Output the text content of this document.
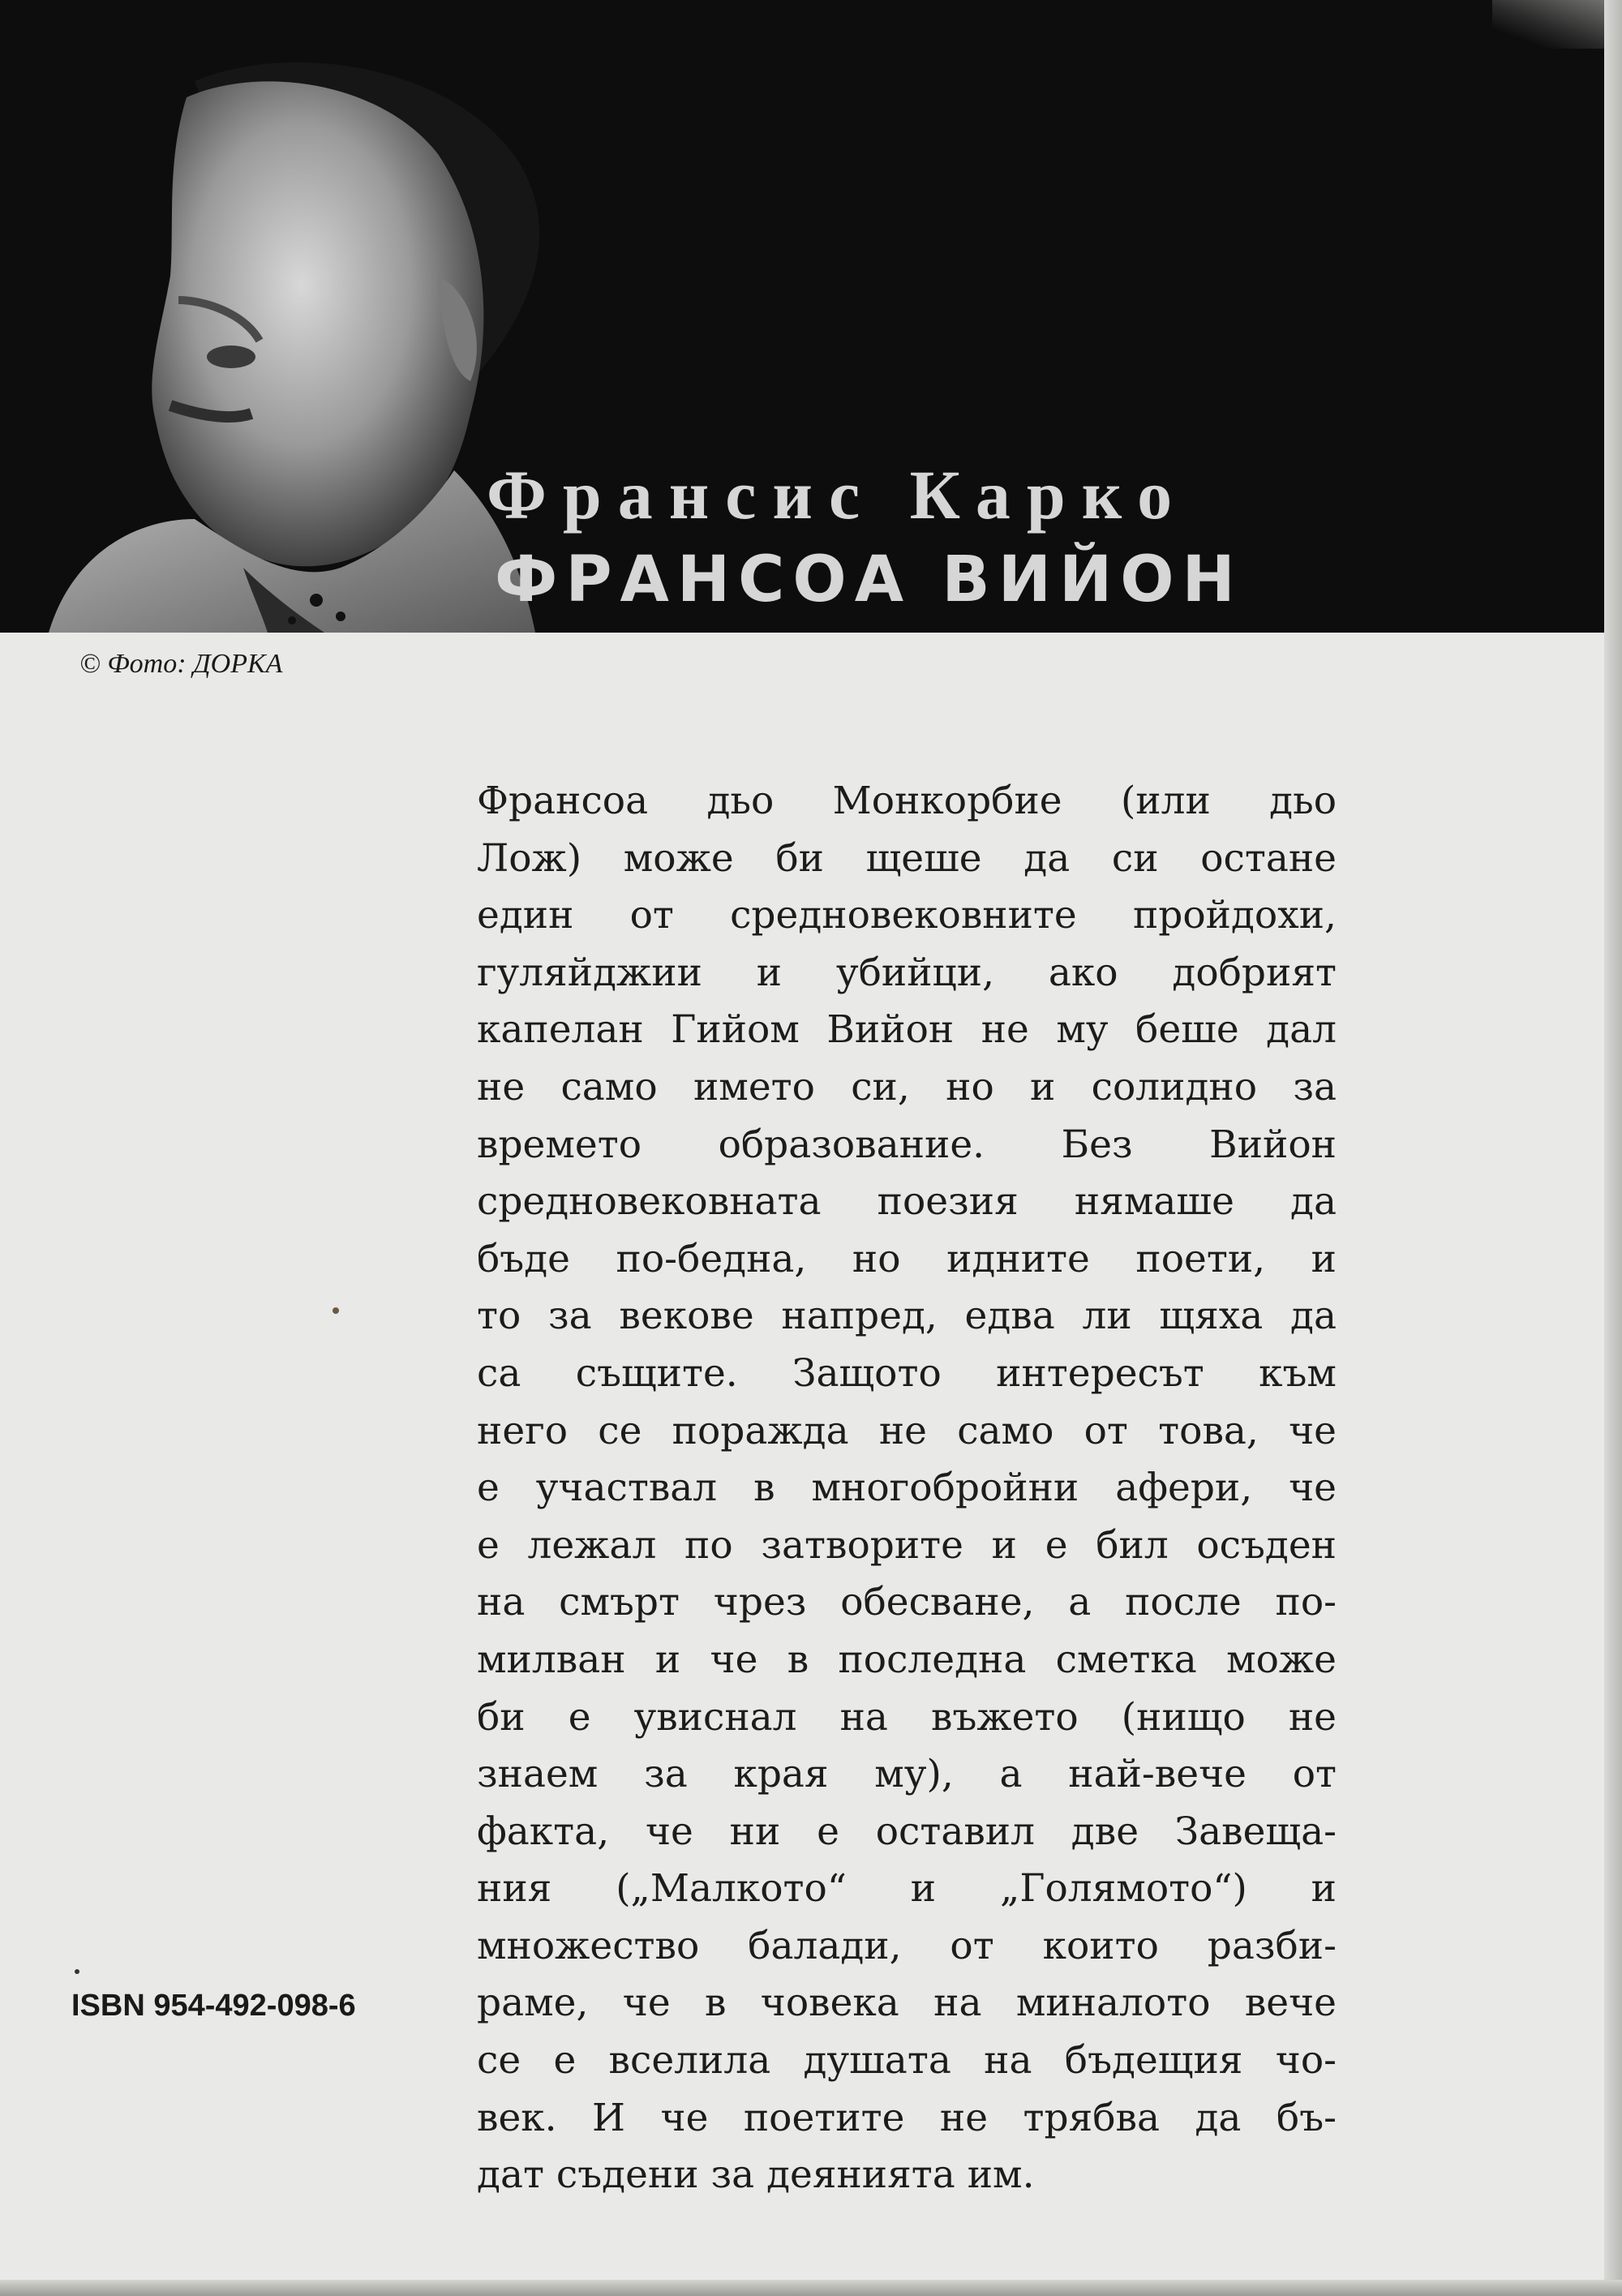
Франсис Карко
ФРАНСОА ВИЙОН
© Фото: ДОРКА
Франсоа дьо Монкорбие (или дьо
Лож) може би щеше да си остане
един от средновековните пройдохи,
гуляйджии и убийци, ако добрият
капелан Гийом Вийон не му беше дал
не само името си, но и солидно за
времето образование. Без Вийон
средновековната поезия нямаше да
бъде по-бедна, но идните поети, и
то за векове напред, едва ли щяха да
са същите. Защото интересът към
него се поражда не само от това, че
е участвал в многобройни афери, че
е лежал по затворите и е бил осъден
на смърт чрез обесване, а после по-
милван и че в последна сметка може
би е увиснал на въжето (нищо не
знаем за края му), а най-вече от
факта, че ни е оставил две Завеща-
ния („Малкото“ и „Голямото“) и
множество балади, от които разби-
раме, че в човека на миналото вече
се е вселила душата на бъдещия чо-
век. И че поетите не трябва да бъ-
дат съдени за деянията им.
ISBN 954-492-098-6
